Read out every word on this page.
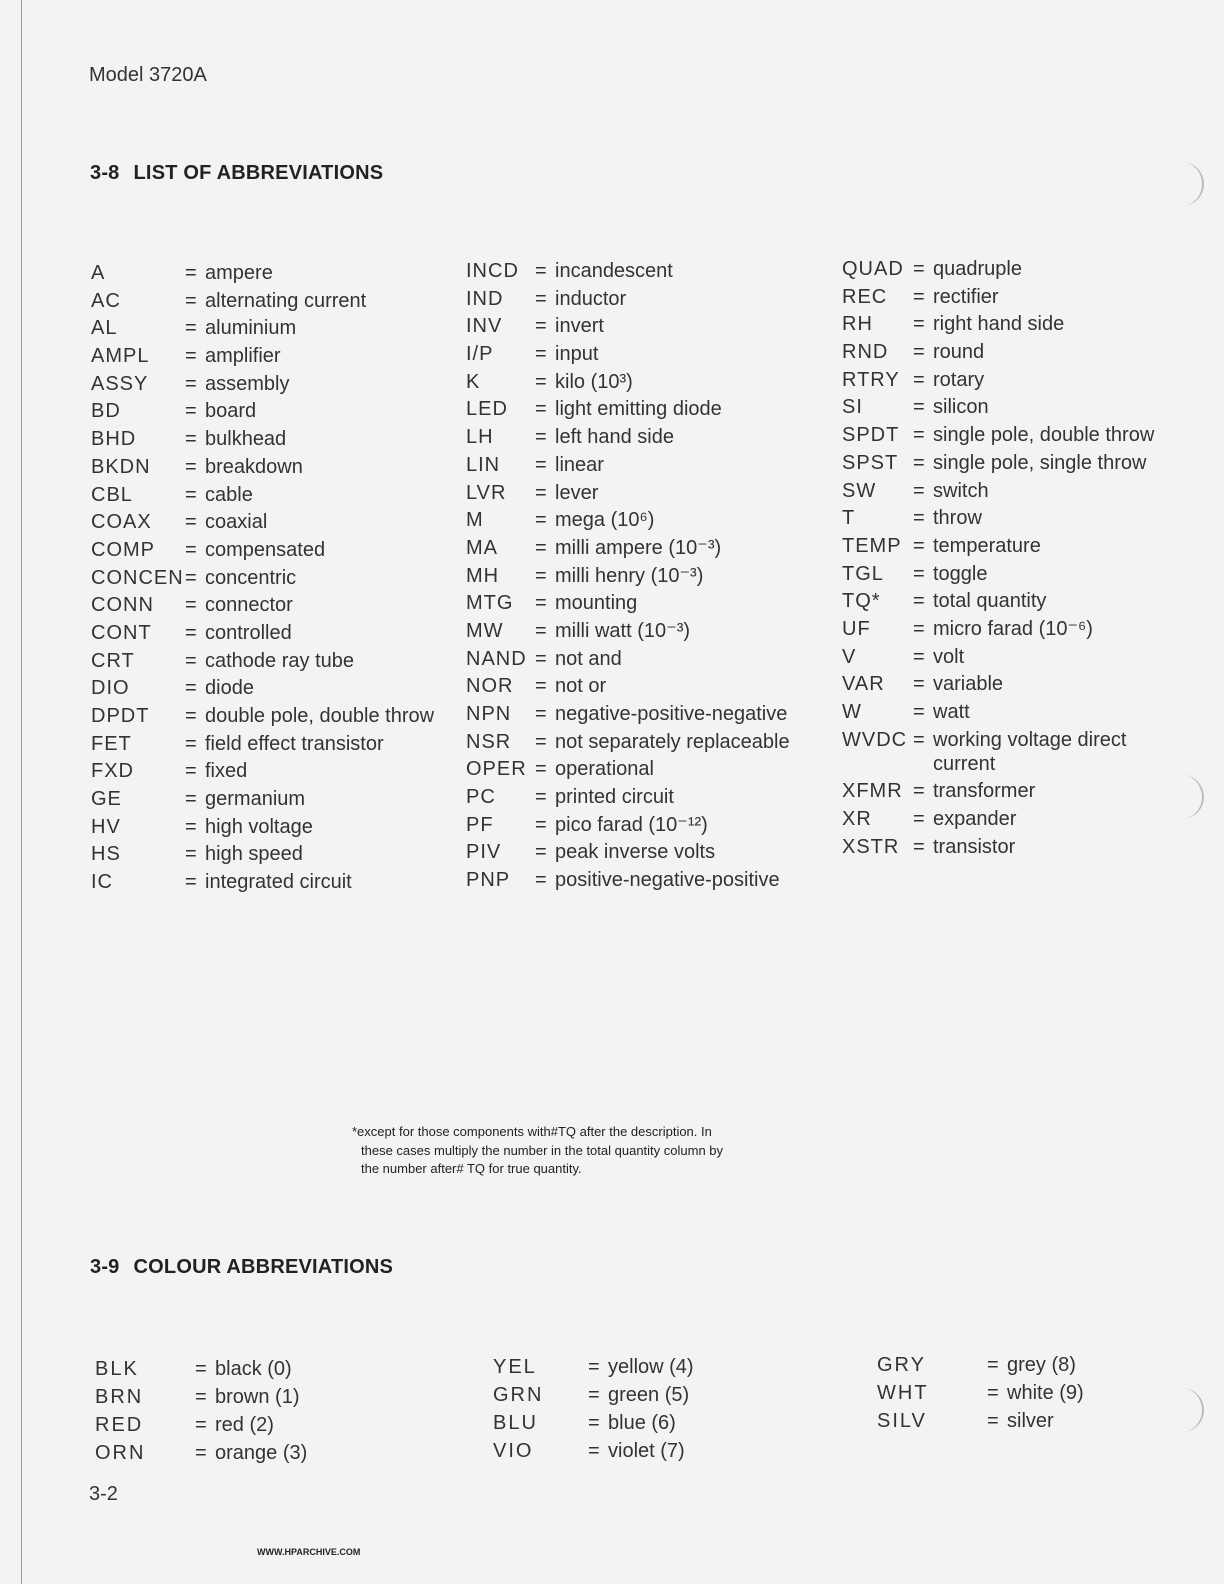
Model 3720A
3-8 LIST OF ABBREVIATIONS
A	= ampere
AC	= alternating current
AL	= aluminium
AMPL	= amplifier
ASSY	= assembly
BD	= board
BHD	= bulkhead
BKDN	= breakdown
CBL	= cable
COAX	= coaxial
COMP	= compensated
CONCEN = concentric
CONN	= connector
CONT	= controlled
CRT	= cathode ray tube
DIO	= diode
DPDT	= double pole, double throw
FET	= field effect transistor
FXD	= fixed
GE	= germanium
HV	= high voltage
HS	= high speed
IC	= integrated circuit
INCD = incandescent
IND	= inductor
INV	= invert
I/P	= input
K	= kilo (10³)
LED	= light emitting diode
LH	= left hand side
LIN	= linear
LVR	= lever
M	= mega (10⁶)
MA	= milli ampere (10⁻³)
MH	= milli henry (10⁻³)
MTG	= mounting
MW	= milli watt (10⁻³)
NAND = not and
NOR	= not or
NPN	= negative-positive-negative
NSR	= not separately replaceable
OPER = operational
PC	= printed circuit
PF	= pico farad (10⁻¹²)
PIV	= peak inverse volts
PNP	= positive-negative-positive
QUAD = quadruple
REC	= rectifier
RH	= right hand side
RND	= round
RTRY = rotary
SI	= silicon
SPDT = single pole, double throw
SPST = single pole, single throw
SW	= switch
T	= throw
TEMP = temperature
TGL	= toggle
TQ*	= total quantity
UF	= micro farad (10⁻⁶)
V	= volt
VAR	= variable
W	= watt
WVDC = working voltage direct current
XFMR = transformer
XR	= expander
XSTR = transistor
*except for those components with#TQ after the description. In
these cases multiply the number in the total quantity column by
the number after# TQ for true quantity.
3-9 COLOUR ABBREVIATIONS
BLK	= black (0)
BRN	= brown (1)
RED	= red (2)
ORN	= orange (3)
YEL	= yellow (4)
GRN	= green (5)
BLU	= blue (6)
VIO	= violet (7)
GRY	= grey (8)
WHT	= white (9)
SILV	= silver
3-2
WWW.HPARCHIVE.COM
